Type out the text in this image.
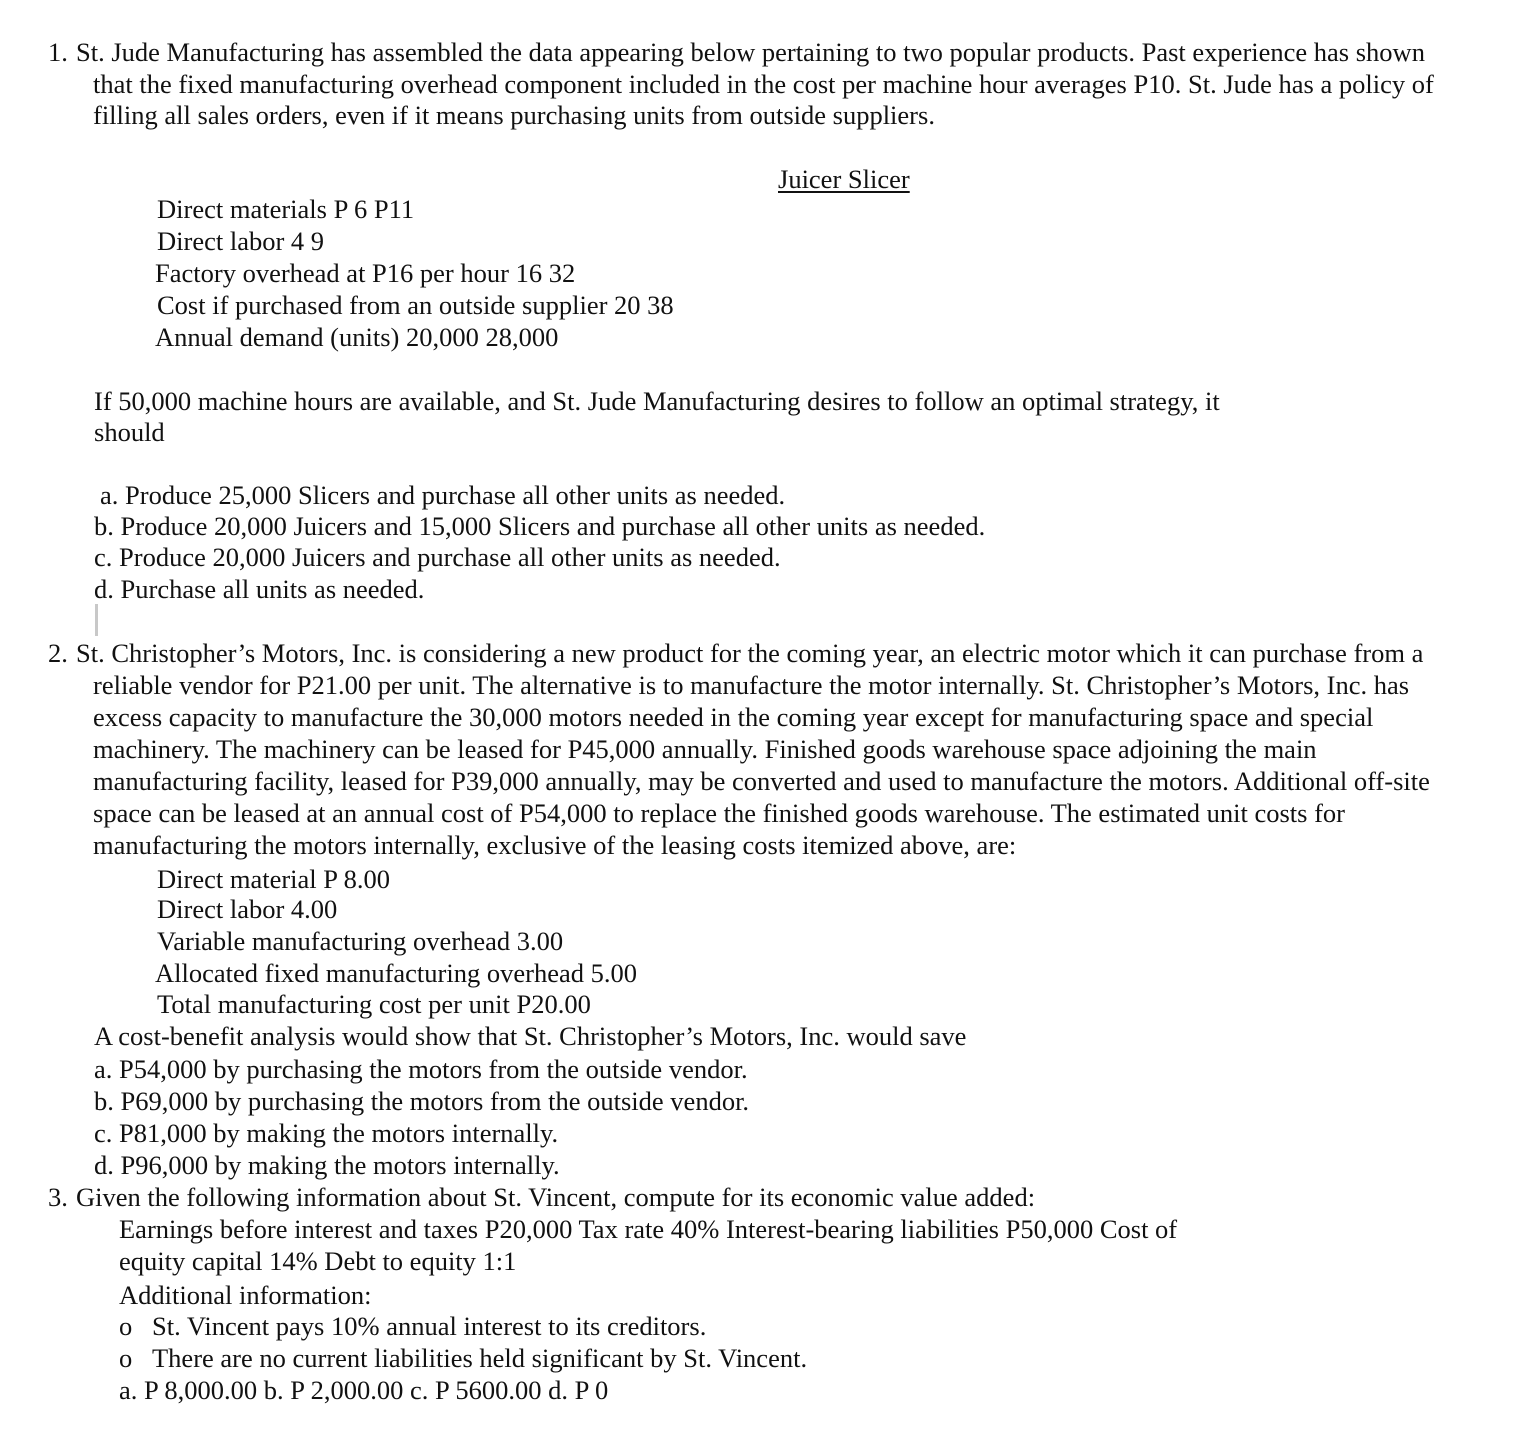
1. St. Jude Manufacturing has assembled the data appearing below pertaining to two popular products. Past experience has shown
that the fixed manufacturing overhead component included in the cost per machine hour averages P10. St. Jude has a policy of
filling all sales orders, even if it means purchasing units from outside suppliers.
Juicer Slicer
Direct materials P 6 P11
Direct labor 4 9
Factory overhead at P16 per hour 16 32
Cost if purchased from an outside supplier 20 38
Annual demand (units) 20,000 28,000
If 50,000 machine hours are available, and St. Jude Manufacturing desires to follow an optimal strategy, it
should
a. Produce 25,000 Slicers and purchase all other units as needed.
b. Produce 20,000 Juicers and 15,000 Slicers and purchase all other units as needed.
c. Produce 20,000 Juicers and purchase all other units as needed.
d. Purchase all units as needed.
2. St. Christopher’s Motors, Inc. is considering a new product for the coming year, an electric motor which it can purchase from a
reliable vendor for P21.00 per unit. The alternative is to manufacture the motor internally. St. Christopher’s Motors, Inc. has
excess capacity to manufacture the 30,000 motors needed in the coming year except for manufacturing space and special
machinery. The machinery can be leased for P45,000 annually. Finished goods warehouse space adjoining the main
manufacturing facility, leased for P39,000 annually, may be converted and used to manufacture the motors. Additional off-site
space can be leased at an annual cost of P54,000 to replace the finished goods warehouse. The estimated unit costs for
manufacturing the motors internally, exclusive of the leasing costs itemized above, are:
Direct material P 8.00
Direct labor 4.00
Variable manufacturing overhead 3.00
Allocated fixed manufacturing overhead 5.00
Total manufacturing cost per unit P20.00
A cost-benefit analysis would show that St. Christopher’s Motors, Inc. would save
a. P54,000 by purchasing the motors from the outside vendor.
b. P69,000 by purchasing the motors from the outside vendor.
c. P81,000 by making the motors internally.
d. P96,000 by making the motors internally.
3. Given the following information about St. Vincent, compute for its economic value added:
Earnings before interest and taxes P20,000 Tax rate 40% Interest-bearing liabilities P50,000 Cost of
equity capital 14% Debt to equity 1:1
Additional information:
o St. Vincent pays 10% annual interest to its creditors.
o There are no current liabilities held significant by St. Vincent.
a. P 8,000.00 b. P 2,000.00 c. P 5600.00 d. P 0
